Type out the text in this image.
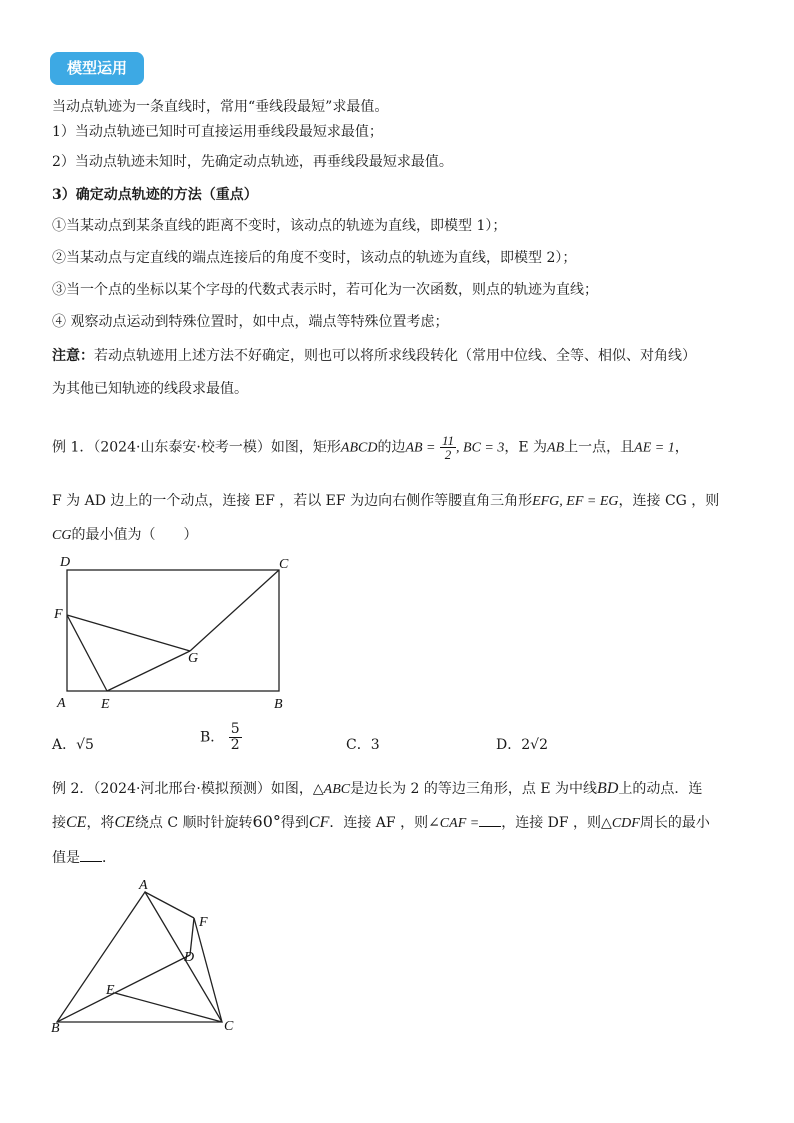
模型运用
当动点轨迹为一条直线时，常用“垂线段最短”求最值。
1）当动点轨迹已知时可直接运用垂线段最短求最值；
2）当动点轨迹未知时，先确定动点轨迹，再垂线段最短求最值。
3）确定动点轨迹的方法（重点）
①当某动点到某条直线的距离不变时，该动点的轨迹为直线，即模型 1）；
②当某动点与定直线的端点连接后的角度不变时，该动点的轨迹为直线，即模型 2）；
③当一个点的坐标以某个字母的代数式表示时，若可化为一次函数，则点的轨迹为直线；
④ 观察动点运动到特殊位置时，如中点，端点等特殊位置考虑；
注意：若动点轨迹用上述方法不好确定，则也可以将所求线段转化（常用中位线、全等、相似、对角线）
为其他已知轨迹的线段求最值。
例 1．（2024·山东泰安·校考一模）如图，矩形ABCD的边AB = $\frac{11}{2}$ , BC = 3，E 为AB上一点，且AE = 1，
F 为 AD 边上的一个动点，连接 EF ，若以 EF 为边向右侧作等腰直角三角形EFG, EF = EG，连接 CG ，则
CG的最小值为（　　）
D	C
F
G
A	E	B
A．√5	B． $\frac{5}{2}$	C．3	D．2√2
例 2．（2024·河北邢台·模拟预测）如图，△ABC是边长为 2 的等边三角形，点 E 为中线BD上的动点．连
接CE，将CE绕点 C 顺时针旋转60°得到CF．连接 AF ，则∠CAF = ，连接 DF ，则△CDF周长的最小
值是 ．
A
F
D
E
B	C
